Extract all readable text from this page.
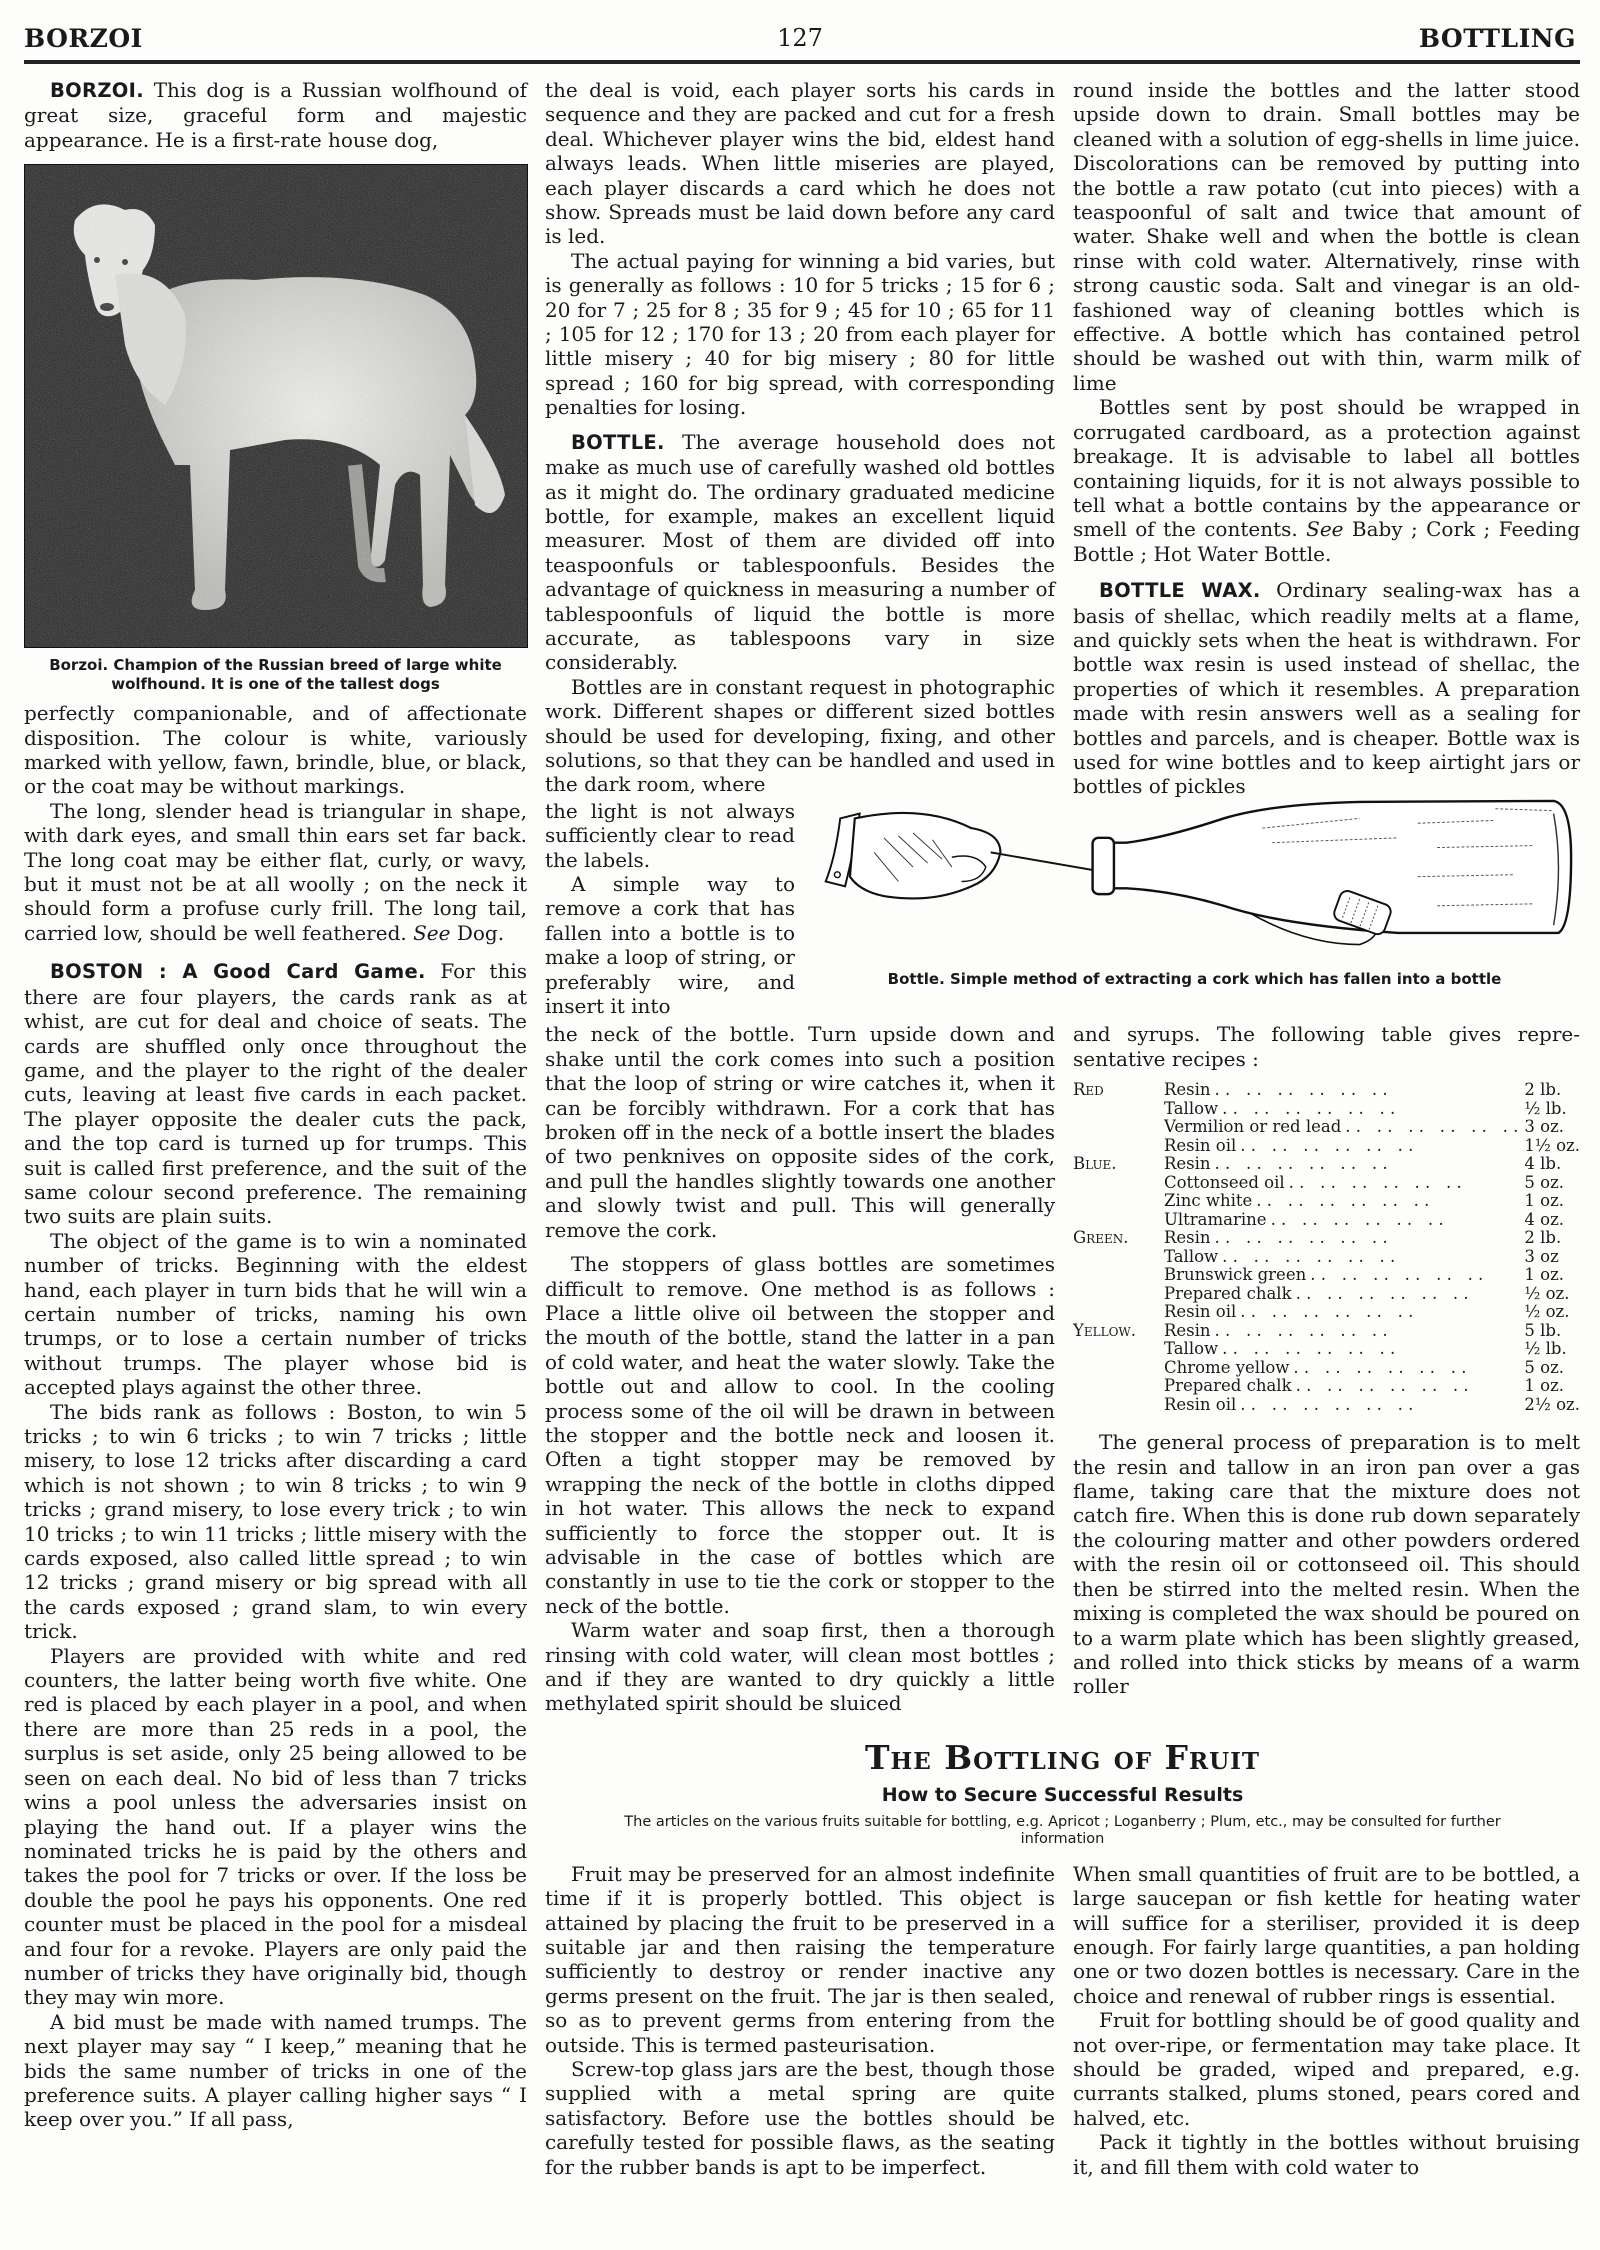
BORZOI	127	BOTTLING

BORZOI. This dog is a Russian wolfhound of great size, graceful form and majestic appearance. He is a first-rate house dog,

Borzoi. Champion of the Russian breed of large white wolfhound. It is one of the tallest dogs

perfectly companionable, and of affectionate disposition. The colour is white, variously marked with yellow, fawn, brindle, blue, or black, or the coat may be without markings.

The long, slender head is triangular in shape, with dark eyes, and small thin ears set far back. The long coat may be either flat, curly, or wavy, but it must not be at all woolly ; on the neck it should form a profuse curly frill. The long tail, carried low, should be well feathered. See Dog.

BOSTON : A Good Card Game. For this there are four players, the cards rank as at whist, are cut for deal and choice of seats. The cards are shuffled only once throughout the game, and the player to the right of the dealer cuts, leaving at least five cards in each packet. The player opposite the dealer cuts the pack, and the top card is turned up for trumps. This suit is called first preference, and the suit of the same colour second preference. The remaining two suits are plain suits.

The object of the game is to win a nominated number of tricks. Beginning with the eldest hand, each player in turn bids that he will win a certain number of tricks, naming his own trumps, or to lose a certain number of tricks without trumps. The player whose bid is accepted plays against the other three.

The bids rank as follows : Boston, to win 5 tricks ; to win 6 tricks ; to win 7 tricks ; little misery, to lose 12 tricks after discarding a card which is not shown ; to win 8 tricks ; to win 9 tricks ; grand misery, to lose every trick ; to win 10 tricks ; to win 11 tricks ; little misery with the cards exposed, also called little spread ; to win 12 tricks ; grand misery or big spread with all the cards exposed ; grand slam, to win every trick.

Players are provided with white and red counters, the latter being worth five white. One red is placed by each player in a pool, and when there are more than 25 reds in a pool, the surplus is set aside, only 25 being allowed to be seen on each deal. No bid of less than 7 tricks wins a pool unless the adversaries insist on playing the hand out. If a player wins the nominated tricks he is paid by the others and takes the pool for 7 tricks or over. If the loss be double the pool he pays his opponents. One red counter must be placed in the pool for a misdeal and four for a revoke. Players are only paid the number of tricks they have originally bid, though they may win more.

A bid must be made with named trumps. The next player may say “ I keep,” meaning that he bids the same number of tricks in one of the preference suits. A player calling higher says “ I keep over you.” If all pass,

the deal is void, each player sorts his cards in sequence and they are packed and cut for a fresh deal. Whichever player wins the bid, eldest hand always leads. When little miseries are played, each player discards a card which he does not show. Spreads must be laid down before any card is led.

The actual paying for winning a bid varies, but is generally as follows : 10 for 5 tricks ; 15 for 6 ; 20 for 7 ; 25 for 8 ; 35 for 9 ; 45 for 10 ; 65 for 11 ; 105 for 12 ; 170 for 13 ; 20 from each player for little misery ; 40 for big misery ; 80 for little spread ; 160 for big spread, with corresponding penalties for losing.

BOTTLE. The average household does not make as much use of carefully washed old bottles as it might do. The ordinary graduated medicine bottle, for example, makes an excellent liquid measurer. Most of them are divided off into teaspoonfuls or tablespoonfuls. Besides the advantage of quickness in measuring a number of tablespoonfuls of liquid the bottle is more accurate, as tablespoons vary in size considerably.

Bottles are in constant request in photographic work. Different shapes or different sized bottles should be used for developing, fixing, and other solutions, so that they can be handled and used in the dark room, where

round inside the bottles and the latter stood upside down to drain. Small bottles may be cleaned with a solution of egg-shells in lime juice. Discolorations can be removed by putting into the bottle a raw potato (cut into pieces) with a teaspoonful of salt and twice that amount of water. Shake well and when the bottle is clean rinse with cold water. Alternatively, rinse with strong caustic soda. Salt and vinegar is an old-fashioned way of cleaning bottles which is effective. A bottle which has contained petrol should be washed out with thin, warm milk of lime

Bottles sent by post should be wrapped in corrugated cardboard, as a protection against breakage. It is advisable to label all bottles containing liquids, for it is not always possible to tell what a bottle contains by the appearance or smell of the contents. See Baby ; Cork ; Feeding Bottle ; Hot Water Bottle.

BOTTLE WAX. Ordinary sealing-wax has a basis of shellac, which readily melts at a flame, and quickly sets when the heat is withdrawn. For bottle wax resin is used instead of shellac, the properties of which it resembles. A preparation made with resin answers well as a sealing for bottles and parcels, and is cheaper. Bottle wax is used for wine bottles and to keep airtight jars or bottles of pickles

the light is not always sufficiently clear to read the labels.

A simple way to remove a cork that has fallen into a bottle is to make a loop of string, or preferably wire, and insert it into

Bottle. Simple method of extracting a cork which has fallen into a bottle

the neck of the bottle. Turn upside down and shake until the cork comes into such a position that the loop of string or wire catches it, when it can be forcibly withdrawn. For a cork that has broken off in the neck of a bottle insert the blades of two penknives on opposite sides of the cork, and pull the handles slightly towards one another and slowly twist and pull. This will generally remove the cork.

The stoppers of glass bottles are sometimes difficult to remove. One method is as follows : Place a little olive oil between the stopper and the mouth of the bottle, stand the latter in a pan of cold water, and heat the water slowly. Take the bottle out and allow to cool. In the cooling process some of the oil will be drawn in between the stopper and the bottle neck and loosen it. Often a tight stopper may be removed by wrapping the neck of the bottle in cloths dipped in hot water. This allows the neck to expand sufficiently to force the stopper out. It is advisable in the case of bottles which are constantly in use to tie the cork or stopper to the neck of the bottle.

Warm water and soap first, then a thorough rinsing with cold water, will clean most bottles ; and if they are wanted to dry quickly a little methylated spirit should be sluiced

and syrups. The following table gives representative recipes :

Red	Resin . .   . .   . .   . .   . .   . .	2 lb.
	Tallow . .   . .   . .   . .   . .   . .	½ lb.
	Vermilion or red lead . .   . .   . .   . .   . .   . .	3 oz.
	Resin oil . .   . .   . .   . .   . .   . .	1½ oz.
Blue.	Resin . .   . .   . .   . .   . .   . .	4 lb.
	Cottonseed oil . .   . .   . .   . .   . .   . .	5 oz.
	Zinc white . .   . .   . .   . .   . .   . .	1 oz.
	Ultramarine . .   . .   . .   . .   . .   . .	4 oz.
Green.	Resin . .   . .   . .   . .   . .   . .	2 lb.
	Tallow . .   . .   . .   . .   . .   . .	3 oz
	Brunswick green . .   . .   . .   . .   . .   . .	1 oz.
	Prepared chalk . .   . .   . .   . .   . .   . .	½ oz.
	Resin oil . .   . .   . .   . .   . .   . .	½ oz.
Yellow.	Resin . .   . .   . .   . .   . .   . .	5 lb.
	Tallow . .   . .   . .   . .   . .   . .	½ lb.
	Chrome yellow . .   . .   . .   . .   . .   . .	5 oz.
	Prepared chalk . .   . .   . .   . .   . .   . .	1 oz.
	Resin oil . .   . .   . .   . .   . .   . .	2½ oz.

The general process of preparation is to melt the resin and tallow in an iron pan over a gas flame, taking care that the mixture does not catch fire. When this is done rub down separately the colouring matter and other powders ordered with the resin oil or cottonseed oil. This should then be stirred into the melted resin. When the mixing is completed the wax should be poured on to a warm plate which has been slightly greased, and rolled into thick sticks by means of a warm roller

The Bottling of Fruit
How to Secure Successful Results
The articles on the various fruits suitable for bottling, e.g. Apricot ; Loganberry ; Plum, etc., may be consulted for further information

Fruit may be preserved for an almost indefinite time if it is properly bottled. This object is attained by placing the fruit to be preserved in a suitable jar and then raising the temperature sufficiently to destroy or render inactive any germs present on the fruit. The jar is then sealed, so as to prevent germs from entering from the outside. This is termed pasteurisation.

Screw-top glass jars are the best, though those supplied with a metal spring are quite satisfactory. Before use the bottles should be carefully tested for possible flaws, as the seating for the rubber bands is apt to be imperfect.

When small quantities of fruit are to be bottled, a large saucepan or fish kettle for heating water will suffice for a steriliser, provided it is deep enough. For fairly large quantities, a pan holding one or two dozen bottles is necessary. Care in the choice and renewal of rubber rings is essential.

Fruit for bottling should be of good quality and not over-ripe, or fermentation may take place. It should be graded, wiped and prepared, e.g. currants stalked, plums stoned, pears cored and halved, etc.

Pack it tightly in the bottles without bruising it, and fill them with cold water to
